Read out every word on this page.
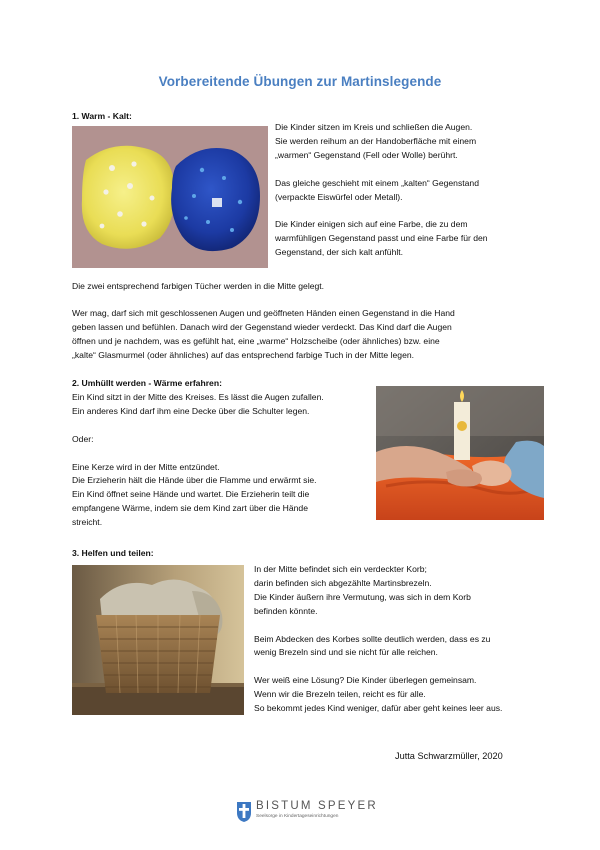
Vorbereitende Übungen zur Martinslegende
1. Warm - Kalt:
Die Kinder sitzen im Kreis und schließen die Augen.
Sie werden reihum an der Handoberfläche mit einem
„warmen“ Gegenstand (Fell oder Wolle) berührt.

Das gleiche geschieht mit einem „kalten“ Gegenstand
(verpackte Eiswürfel oder Metall).

Die Kinder einigen sich auf eine Farbe, die zu dem
warmfühligen Gegenstand passt und eine Farbe für den
Gegenstand, der sich kalt anfühlt.
Die zwei entsprechend farbigen Tücher werden in die Mitte gelegt.
Wer mag, darf sich mit geschlossenen Augen und geöffneten Händen einen Gegenstand in die Hand
geben lassen und befühlen. Danach wird der Gegenstand wieder verdeckt. Das Kind darf die Augen
öffnen und je nachdem, was es gefühlt hat, eine „warme“ Holzscheibe (oder ähnliches) bzw. eine
„kalte“ Glasmurmel (oder ähnliches) auf das entsprechend farbige Tuch in der Mitte legen.
2. Umhüllt werden - Wärme erfahren:
Ein Kind sitzt in der Mitte des Kreises. Es lässt die Augen zufallen.
Ein anderes Kind darf ihm eine Decke über die Schulter legen.

Oder:

Eine Kerze wird in der Mitte entzündet.
Die Erzieherin hält die Hände über die Flamme und erwärmt sie.
Ein Kind öffnet seine Hände und wartet. Die Erzieherin teilt die
empfangene Wärme, indem sie dem Kind zart über die Hände
streicht.
3. Helfen und teilen:
In der Mitte befindet sich ein verdeckter Korb;
darin befinden sich abgezählte Martinsbrezeln.
Die Kinder äußern ihre Vermutung, was sich in dem Korb
befinden könnte.

Beim Abdecken des Korbes sollte deutlich werden, dass es zu
wenig Brezeln sind und sie nicht für alle reichen.

Wer weiß eine Lösung? Die Kinder überlegen gemeinsam.
Wenn wir die Brezeln teilen, reicht es für alle.
So bekommt jedes Kind weniger, dafür aber geht keines leer aus.
Jutta Schwarzmüller, 2020
BISTUM SPEYER
Seelsorge in Kindertageseinrichtungen
